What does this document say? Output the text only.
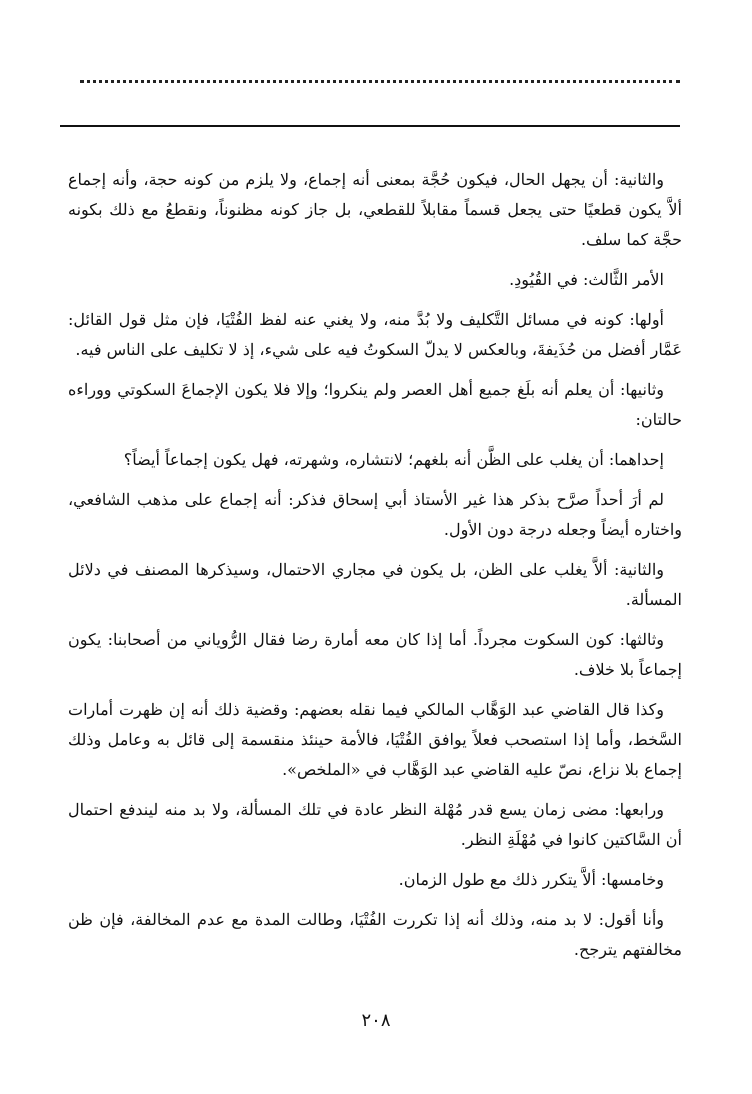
والثانية: أن يجهل الحال، فيكون حُجَّة بمعنى أنه إجماع، ولا يلزم من كونه حجة، وأنه إجماع ألاَّ يكون قطعيًا حتى يجعل قسماً مقابلاً للقطعي، بل جاز كونه مظنوناً، ونقطعُ مع ذلك بكونه حجَّة كما سلف.

الأمر الثَّالث: في القُيُودِ.

أولها: كونه في مسائل التَّكليف ولا بُدَّ منه، ولا يغني عنه لفظ الفُتْيَا، فإن مثل قول القائل: عَمَّار أفضل من حُذَيفةَ، وبالعكس لا يدلّ السكوتُ فيه على شيء، إذ لا تكليف على الناس فيه.

وثانيها: أن يعلم أنه بلَغ جميع أهل العصر ولم ينكروا؛ وإلا فلا يكون الإجماعَ السكوتي ووراءه حالتان:

إحداهما: أن يغلب على الظَّن أنه بلغهم؛ لانتشاره، وشهرته، فهل يكون إجماعاً أيضاً؟

لم أرَ أحداً صرَّح بذكر هذا غير الأستاذ أبي إسحاق فذكر: أنه إجماع على مذهب الشافعي، واختاره أيضاً وجعله درجة دون الأول.

والثانية: ألاَّ يغلب على الظن، بل يكون في مجاري الاحتمال، وسيذكرها المصنف في دلائل المسألة.

وثالثها: كون السكوت مجرداً. أما إذا كان معه أمارة رضا فقال الرُّوياني من أصحابنا: يكون إجماعاً بلا خلاف.

وكذا قال القاضي عبد الوَهَّاب المالكي فيما نقله بعضهم: وقضية ذلك أنه إن ظهرت أمارات السَّخط، وأما إذا استصحب فعلاً يوافق الفُتْيَا، فالأمة حينئذ منقسمة إلى قائل به وعامل وذلك إجماع بلا نزاع، نصّ عليه القاضي عبد الوَهَّاب في «الملخص».

ورابعها: مضى زمان يسع قدر مُهْلة النظر عادة في تلك المسألة، ولا بد منه ليندفع احتمال أن السَّاكتين كانوا في مُهْلَةِ النظر.

وخامسها: ألاَّ يتكرر ذلك مع طول الزمان.

وأنا أقول: لا بد منه، وذلك أنه إذا تكررت الفُتْيَا، وطالت المدة مع عدم المخالفة، فإن ظن مخالفتهم يترجح.

٢٠٨
